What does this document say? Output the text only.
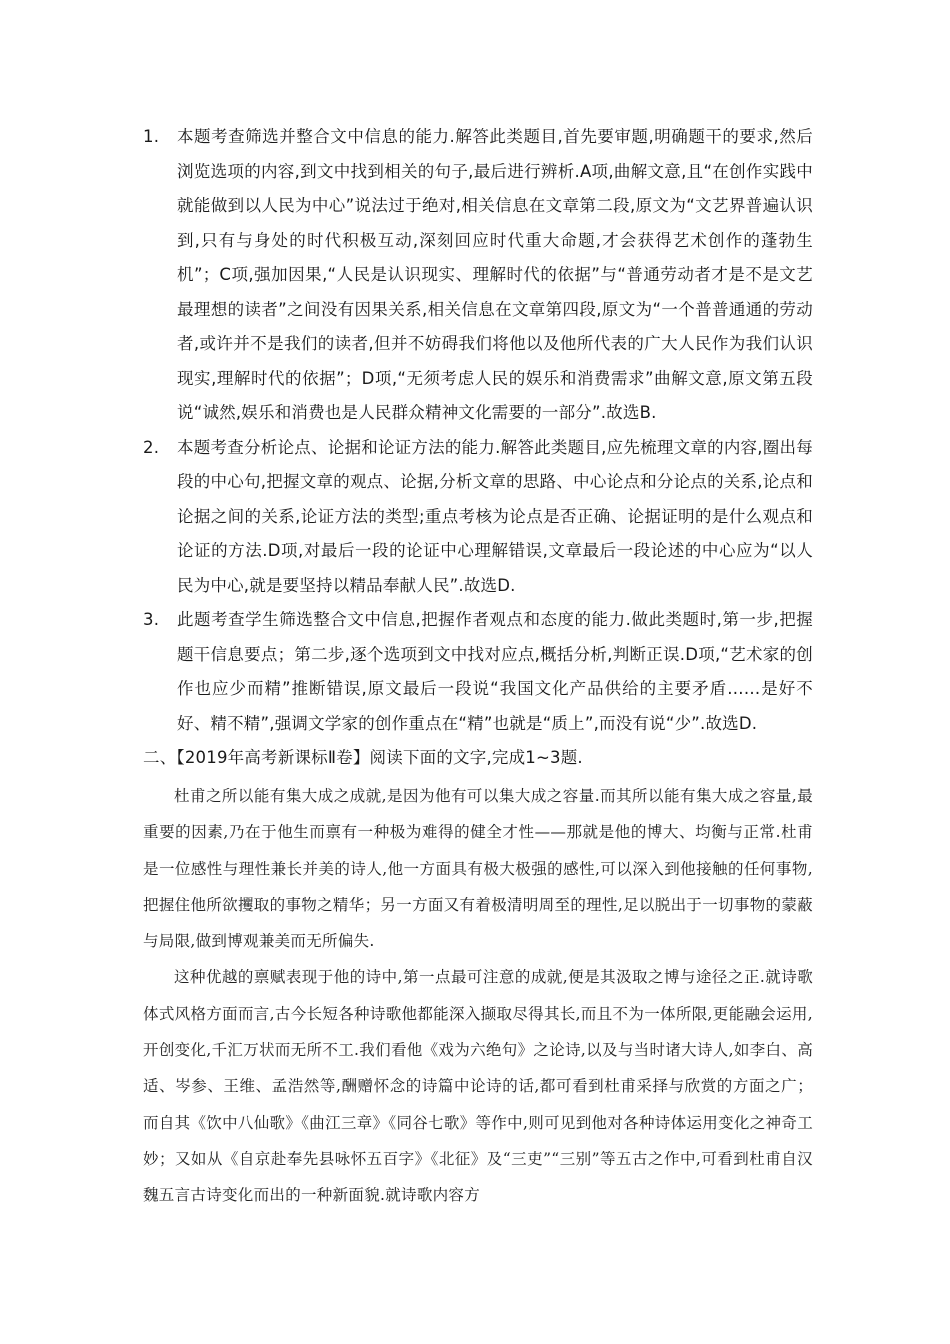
1. 本题考查筛选并整合文中信息的能力.解答此类题目,首先要审题,明确题干的要求,然后浏览选项的内容,到文中找到相关的句子,最后进行辨析.A项,曲解文意,且“在创作实践中就能做到以人民为中心”说法过于绝对,相关信息在文章第二段,原文为“文艺界普遍认识到,只有与身处的时代积极互动,深刻回应时代重大命题,才会获得艺术创作的蓬勃生机”；C项,强加因果,“人民是认识现实、理解时代的依据”与“普通劳动者才是不是文艺最理想的读者”之间没有因果关系,相关信息在文章第四段,原文为“一个普普通通的劳动者,或许并不是我们的读者,但并不妨碍我们将他以及他所代表的广大人民作为我们认识现实,理解时代的依据”；D项,“无须考虑人民的娱乐和消费需求”曲解文意,原文第五段说“诚然,娱乐和消费也是人民群众精神文化需要的一部分”.故选B.

2. 本题考查分析论点、论据和论证方法的能力.解答此类题目,应先梳理文章的内容,圈出每段的中心句,把握文章的观点、论据,分析文章的思路、中心论点和分论点的关系,论点和论据之间的关系,论证方法的类型;重点考核为论点是否正确、论据证明的是什么观点和论证的方法.D项,对最后一段的论证中心理解错误,文章最后一段论述的中心应为“以人民为中心,就是要坚持以精品奉献人民”.故选D.

3. 此题考查学生筛选整合文中信息,把握作者观点和态度的能力.做此类题时,第一步,把握题干信息要点；第二步,逐个选项到文中找对应点,概括分析,判断正误.D项,“艺术家的创作也应少而精”推断错误,原文最后一段说“我国文化产品供给的主要矛盾……是好不好、精不精”,强调文学家的创作重点在“精”也就是“质上”,而没有说“少”.故选D.

二、【2019年高考新课标Ⅱ卷】阅读下面的文字,完成1~3题.

杜甫之所以能有集大成之成就,是因为他有可以集大成之容量.而其所以能有集大成之容量,最重要的因素,乃在于他生而禀有一种极为难得的健全才性——那就是他的博大、均衡与正常.杜甫是一位感性与理性兼长并美的诗人,他一方面具有极大极强的感性,可以深入到他接触的任何事物,把握住他所欲攫取的事物之精华；另一方面又有着极清明周至的理性,足以脱出于一切事物的蒙蔽与局限,做到博观兼美而无所偏失.

这种优越的禀赋表现于他的诗中,第一点最可注意的成就,便是其汲取之博与途径之正.就诗歌体式风格方面而言,古今长短各种诗歌他都能深入撷取尽得其长,而且不为一体所限,更能融会运用,开创变化,千汇万状而无所不工.我们看他《戏为六绝句》之论诗,以及与当时诸大诗人,如李白、高适、岑参、王维、孟浩然等,酬赠怀念的诗篇中论诗的话,都可看到杜甫采择与欣赏的方面之广；而自其《饮中八仙歌》《曲江三章》《同谷七歌》等作中,则可见到他对各种诗体运用变化之神奇工妙；又如从《自京赴奉先县咏怀五百字》《北征》及“三吏”“三别”等五古之作中,可看到杜甫自汉魏五言古诗变化而出的一种新面貌.就诗歌内容方
